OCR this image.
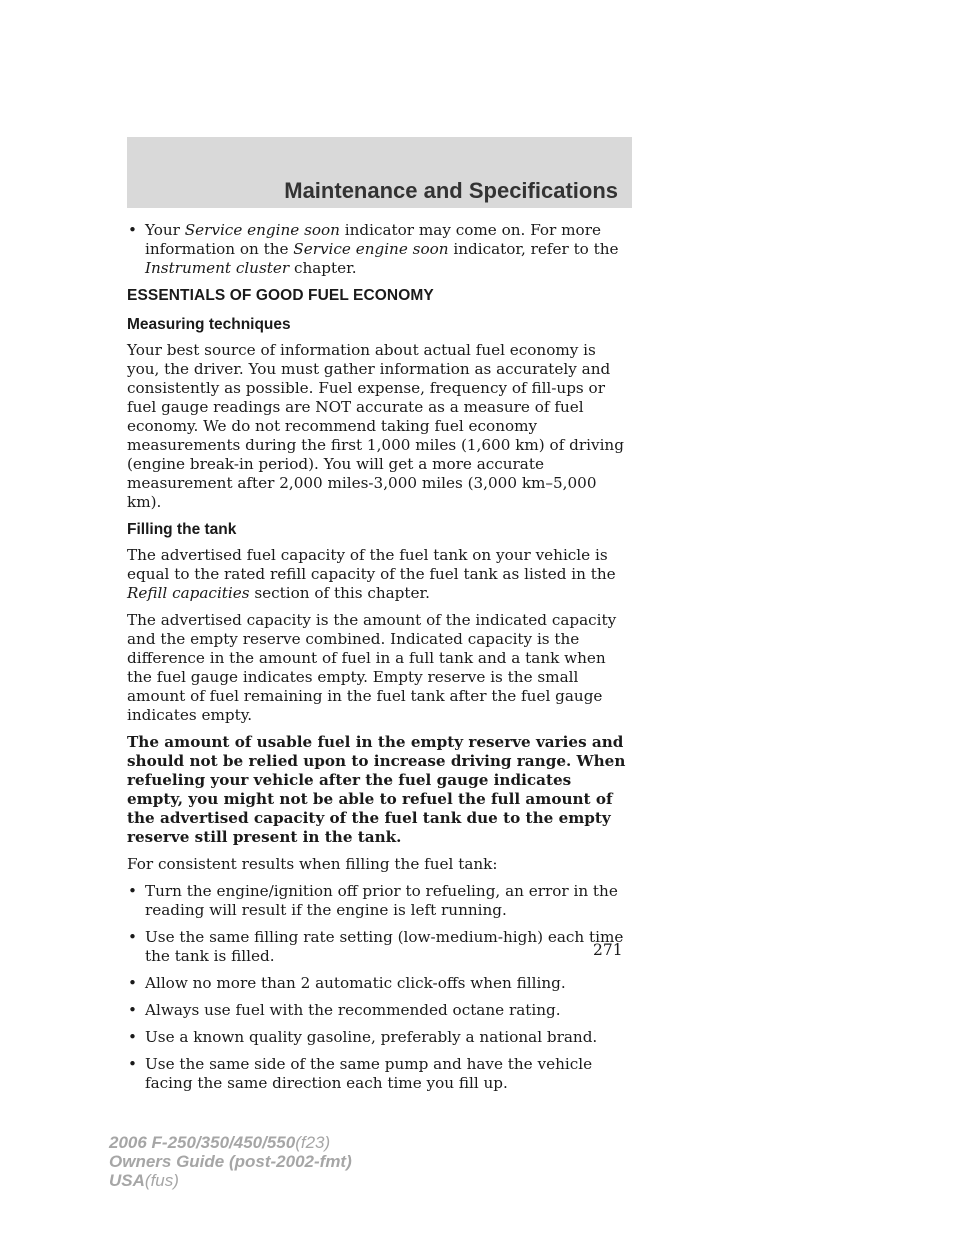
Maintenance and Specifications
• Your Service engine soon indicator may come on. For more information on the Service engine soon indicator, refer to the Instrument cluster chapter.
ESSENTIALS OF GOOD FUEL ECONOMY
Measuring techniques

Your best source of information about actual fuel economy is you, the driver. You must gather information as accurately and consistently as possible. Fuel expense, frequency of fill-ups or fuel gauge readings are NOT accurate as a measure of fuel economy. We do not recommend taking fuel economy measurements during the first 1,000 miles (1,600 km) of driving (engine break-in period). You will get a more accurate measurement after 2,000 miles-3,000 miles (3,000 km–5,000 km).

Filling the tank

The advertised fuel capacity of the fuel tank on your vehicle is equal to the rated refill capacity of the fuel tank as listed in the Refill capacities section of this chapter.

The advertised capacity is the amount of the indicated capacity and the empty reserve combined. Indicated capacity is the difference in the amount of fuel in a full tank and a tank when the fuel gauge indicates empty. Empty reserve is the small amount of fuel remaining in the fuel tank after the fuel gauge indicates empty.

The amount of usable fuel in the empty reserve varies and should not be relied upon to increase driving range. When refueling your vehicle after the fuel gauge indicates empty, you might not be able to refuel the full amount of the advertised capacity of the fuel tank due to the empty reserve still present in the tank.

For consistent results when filling the fuel tank:

• Turn the engine/ignition off prior to refueling, an error in the reading will result if the engine is left running.
• Use the same filling rate setting (low-medium-high) each time the tank is filled.
• Allow no more than 2 automatic click-offs when filling.
• Always use fuel with the recommended octane rating.
• Use a known quality gasoline, preferably a national brand.
• Use the same side of the same pump and have the vehicle facing the same direction each time you fill up.
271
2006 F-250/350/450/550(f23)
Owners Guide (post-2002-fmt)
USA(fus)
